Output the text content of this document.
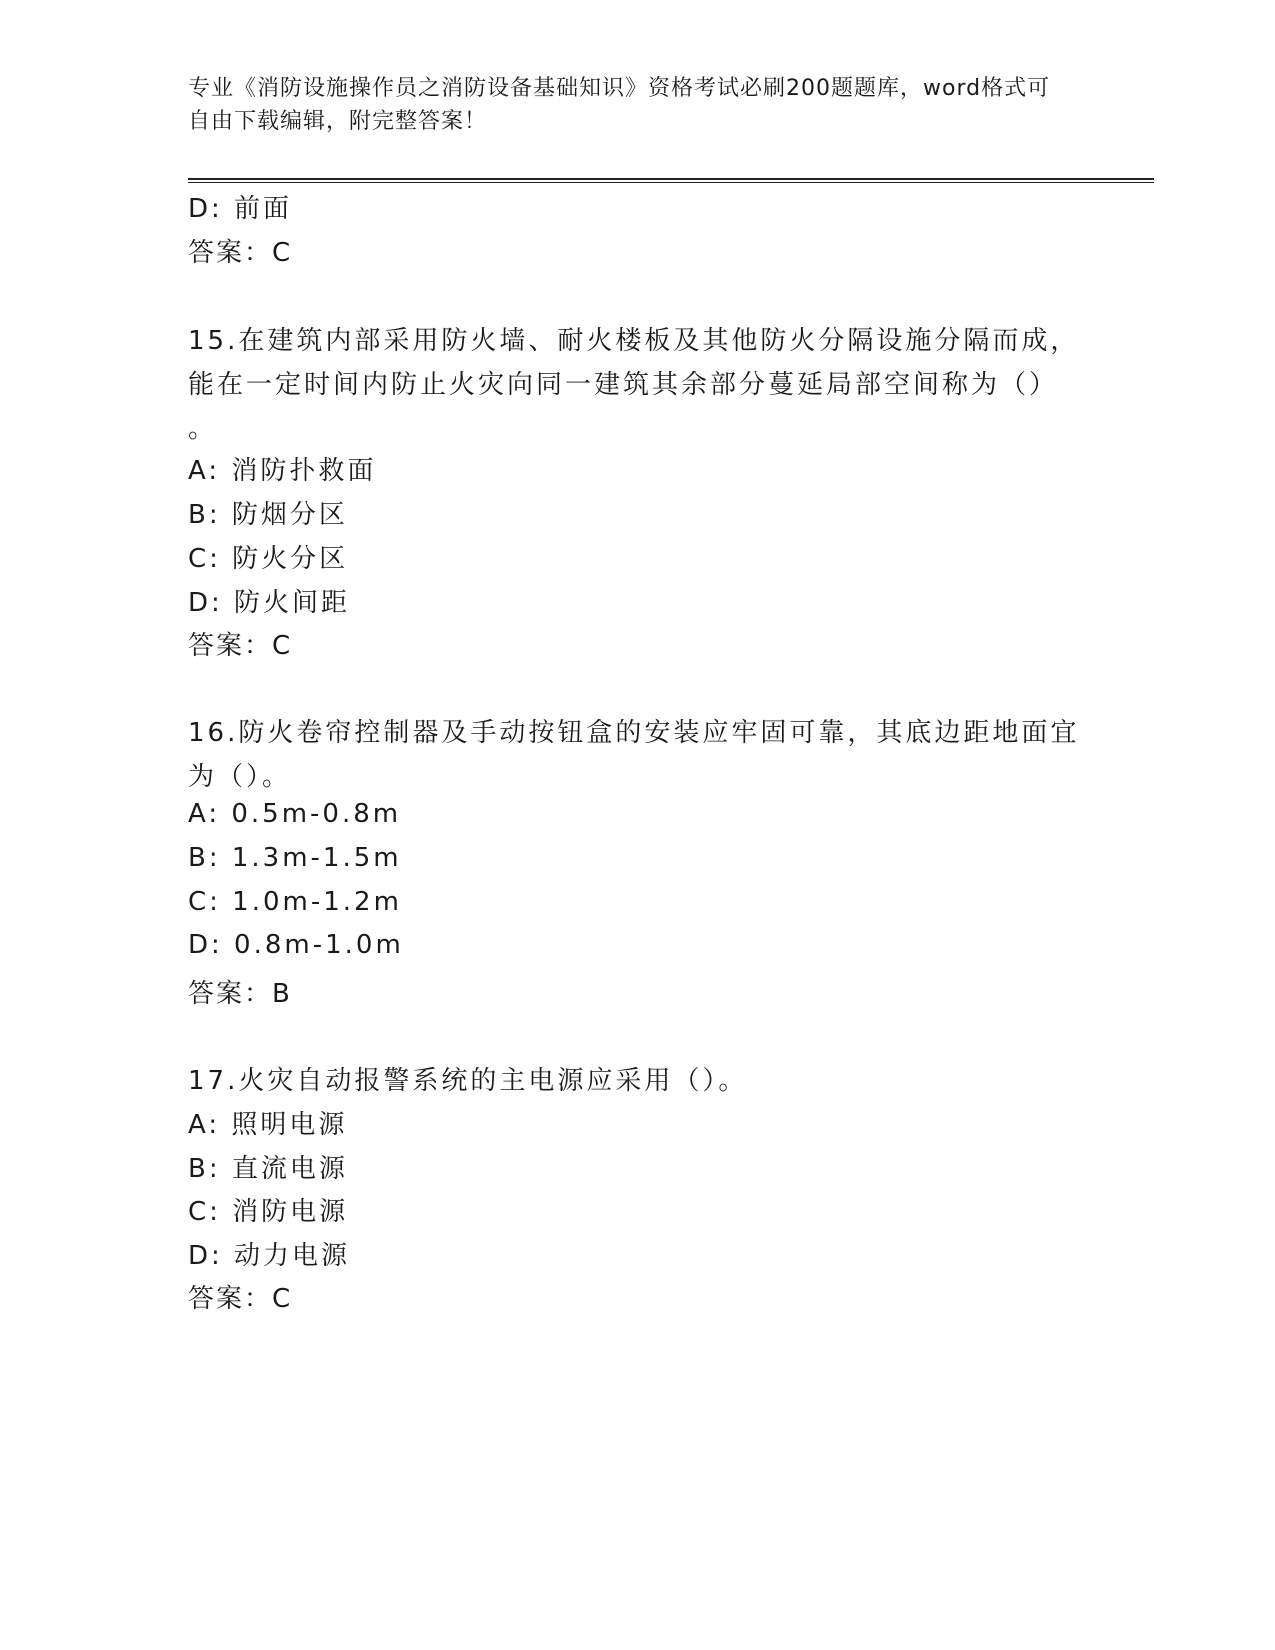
专业《消防设施操作员之消防设备基础知识》资格考试必刷200题题库，word格式可自由下载编辑，附完整答案！
D: 前面
答案：C
15.在建筑内部采用防火墙、耐火楼板及其他防火分隔设施分隔而成，
能在一定时间内防止火灾向同一建筑其余部分蔓延局部空间称为（）
。
A: 消防扑救面
B: 防烟分区
C: 防火分区
D: 防火间距
答案：C
16.防火卷帘控制器及手动按钮盒的安装应牢固可靠，其底边距地面宜
为（）。
A: 0.5m-0.8m
B: 1.3m-1.5m
C: 1.0m-1.2m
D: 0.8m-1.0m
答案：B
17.火灾自动报警系统的主电源应采用（）。
A: 照明电源
B: 直流电源
C: 消防电源
D: 动力电源
答案：C
